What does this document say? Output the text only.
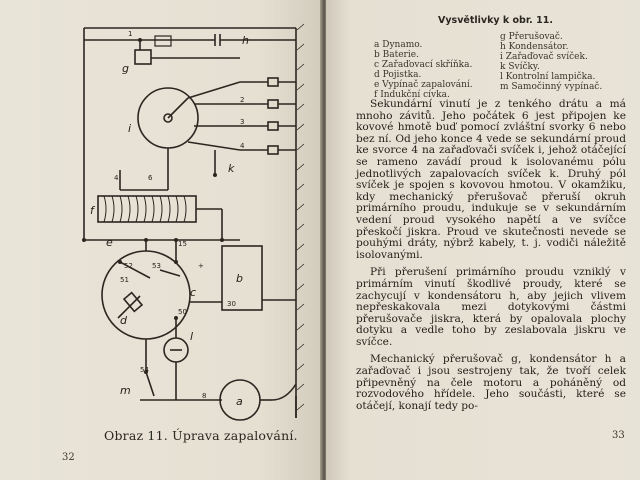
h
g
i
k
f
e
d
b
l
m
a
c
1
2
3
4
4	6
15
30
50
51
52	53
54
8
+
Obraz 11. Úprava zapalování.
32
Vysvětlivky k obr. 11.
a Dynamo.
b Baterie.
c Zařaďovací skříňka.
d Pojistka.
e Vypínač zapalování.
f Indukční cívka.
g Přerušovač.
h Kondensátor.
i Zařaďovač svíček.
k Svíčky.
l Kontrolní lampička.
m Samočinný vypínač.

Sekundární vinutí je z tenkého drátu a má mnoho závitů. Jeho počátek 6 jest připojen ke kovové hmotě buď pomocí zvláštní svorky 6 nebo bez ní. Od jeho konce 4 vede se sekundární proud ke svorce 4 na zařaďovači svíček i, jehož otáčející se rameno zavádí proud k isolovanému pólu jednotlivých zapalovacích svíček k. Druhý pól svíček je spojen s kovovou hmotou. V okamžiku, kdy mechanický přerušovač přeruší okruh primárního proudu, indukuje se v sekundárním vedení proud vysokého napětí a ve svíčce přeskočí jiskra. Proud ve skutečnosti nevede se pouhými dráty, nýbrž kabely, t. j. vodiči náležitě isolovanými.

Při přerušení primárního proudu vzniklý v primárním vinutí škodlivé proudy, které se zachycují v kondensátoru h, aby jejich vlivem nepřeskakovala mezi dotykovými částmi přerušovače jiskra, která by opalovala plochy dotyku a vedle toho by zeslabovala jiskru ve svíčce.

Mechanický přerušovač g, kondensátor h a zařaďovač i jsou sestrojeny tak, že tvoří celek připevněný na čele motoru a poháněný od rozvodového hřídele. Jeho součásti, které se otáčejí, konají tedy po-

33
